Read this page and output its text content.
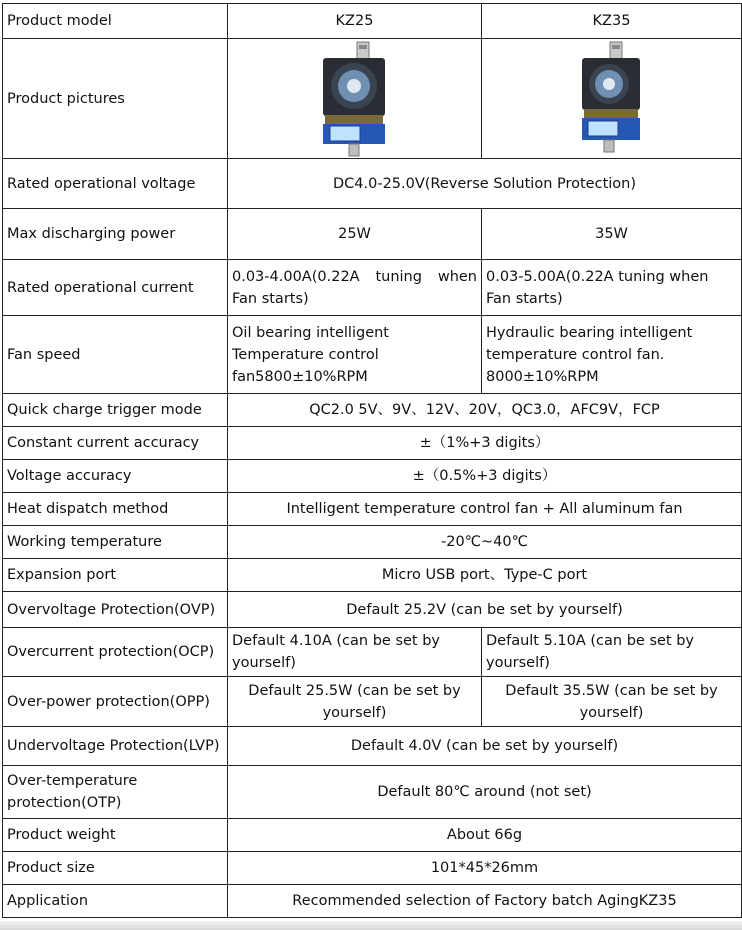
Product model	KZ25	KZ35
Product pictures	

Rated operational voltage	DC4.0-25.0V(Reverse Solution Protection)	
Max discharging power	25W	35W
Rated operational current	0.03-4.00A(0.22A tuning when Fan starts)	0.03-5.00A(0.22A tuning when Fan starts)
Fan speed	Oil bearing intelligent Temperature control fan5800±10%RPM	Hydraulic bearing intelligent temperature control fan. 8000±10%RPM
Quick charge trigger mode	QC2.0 5V、9V、12V、20V，QC3.0，AFC9V，FCP	
Constant current accuracy	±（1%+3 digits）	
Voltage accuracy	±（0.5%+3 digits）	
Heat dispatch method	Intelligent temperature control fan + All aluminum fan	
Working temperature	-20℃~40℃	
Expansion port	Micro USB port、Type-C port	
Overvoltage Protection(OVP)	Default 25.2V (can be set by yourself)	
Overcurrent protection(OCP)	Default 4.10A (can be set by yourself)	Default 5.10A (can be set by yourself)
Over-power protection(OPP)	Default 25.5W (can be set by yourself)	Default 35.5W (can be set by yourself)
Undervoltage Protection(LVP)	Default 4.0V (can be set by yourself)	
Over-temperature protection(OTP)	Default 80℃ around (not set)	
Product weight	About 66g	
Product size	101*45*26mm	
Application	Recommended selection of Factory batch AgingKZ35	
